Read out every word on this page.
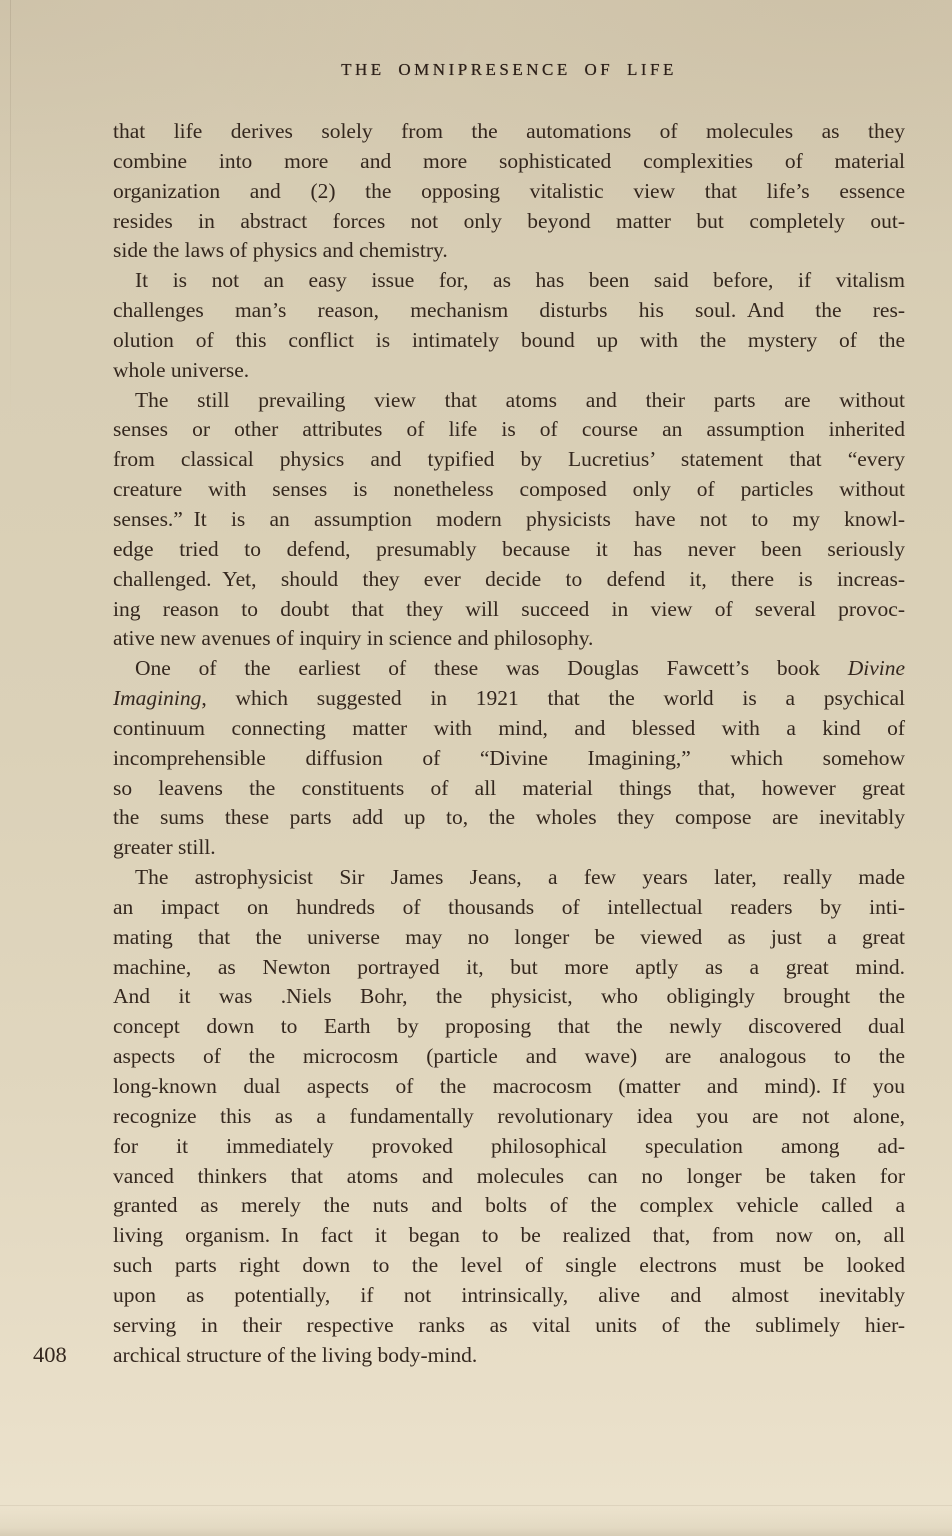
THE OMNIPRESENCE OF LIFE
that life derives solely from the automations of molecules as they
combine into more and more sophisticated complexities of material
organization and (2) the opposing vitalistic view that life’s essence
resides in abstract forces not only beyond matter but completely out-
side the laws of physics and chemistry.
It is not an easy issue for, as has been said before, if vitalism
challenges man’s reason, mechanism disturbs his soul. And the res-
olution of this conflict is intimately bound up with the mystery of the
whole universe.
The still prevailing view that atoms and their parts are without
senses or other attributes of life is of course an assumption inherited
from classical physics and typified by Lucretius’ statement that “every
creature with senses is nonetheless composed only of particles without
senses.” It is an assumption modern physicists have not to my knowl-
edge tried to defend, presumably because it has never been seriously
challenged. Yet, should they ever decide to defend it, there is increas-
ing reason to doubt that they will succeed in view of several provoc-
ative new avenues of inquiry in science and philosophy.
One of the earliest of these was Douglas Fawcett’s book Divine
Imagining, which suggested in 1921 that the world is a psychical
continuum connecting matter with mind, and blessed with a kind of
incomprehensible diffusion of “Divine Imagining,” which somehow
so leavens the constituents of all material things that, however great
the sums these parts add up to, the wholes they compose are inevitably
greater still.
The astrophysicist Sir James Jeans, a few years later, really made
an impact on hundreds of thousands of intellectual readers by inti-
mating that the universe may no longer be viewed as just a great
machine, as Newton portrayed it, but more aptly as a great mind.
And it was .Niels Bohr, the physicist, who obligingly brought the
concept down to Earth by proposing that the newly discovered dual
aspects of the microcosm (particle and wave) are analogous to the
long-known dual aspects of the macrocosm (matter and mind). If you
recognize this as a fundamentally revolutionary idea you are not alone,
for it immediately provoked philosophical speculation among ad-
vanced thinkers that atoms and molecules can no longer be taken for
granted as merely the nuts and bolts of the complex vehicle called a
living organism. In fact it began to be realized that, from now on, all
such parts right down to the level of single electrons must be looked
upon as potentially, if not intrinsically, alive and almost inevitably
serving in their respective ranks as vital units of the sublimely hier-
archical structure of the living body-mind.
408
